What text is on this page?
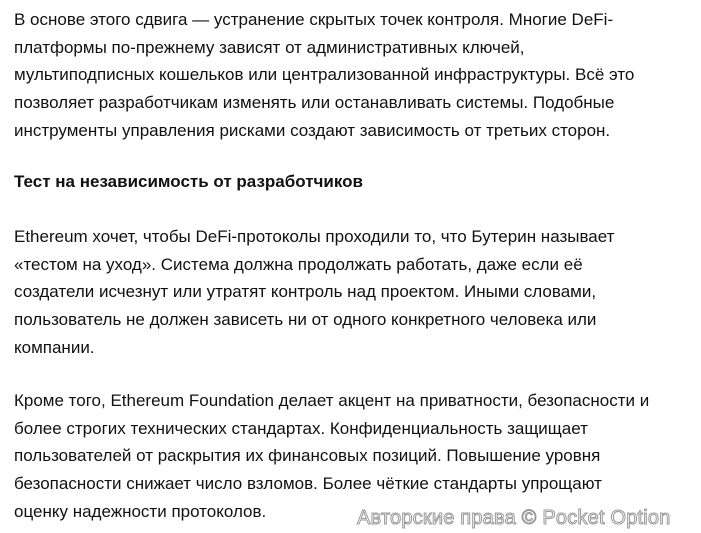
В основе этого сдвига — устранение скрытых точек контроля. Многие DeFi-
платформы по-прежнему зависят от административных ключей,
мультиподписных кошельков или централизованной инфраструктуры. Всё это
позволяет разработчикам изменять или останавливать системы. Подобные
инструменты управления рисками создают зависимость от третьих сторон.
Тест на независимость от разработчиков
Ethereum хочет, чтобы DeFi-протоколы проходили то, что Бутерин называет
«тестом на уход». Система должна продолжать работать, даже если её
создатели исчезнут или утратят контроль над проектом. Иными словами,
пользователь не должен зависеть ни от одного конкретного человека или
компании.
Кроме того, Ethereum Foundation делает акцент на приватности, безопасности и
более строгих технических стандартах. Конфиденциальность защищает
пользователей от раскрытия их финансовых позиций. Повышение уровня
безопасности снижает число взломов. Более чёткие стандарты упрощают
оценку надежности протоколов.	Авторские права © Pocket Option
